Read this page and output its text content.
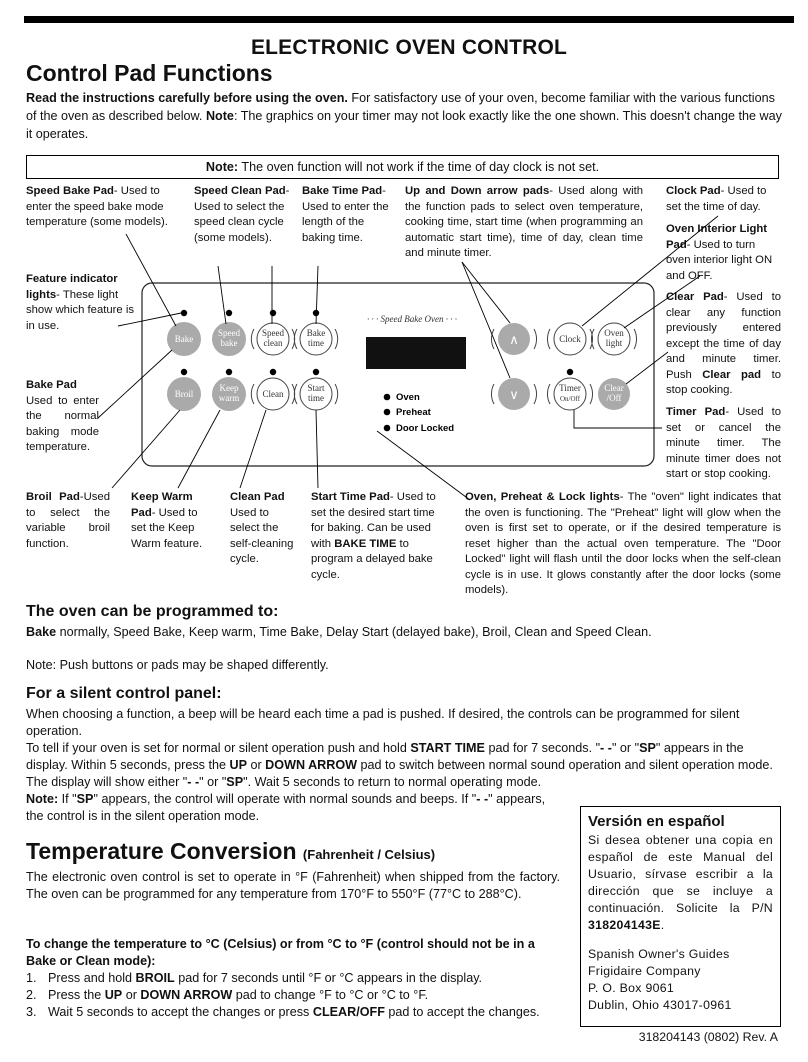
ELECTRONIC OVEN CONTROL
Control Pad Functions
Read the instructions carefully before using the oven. For satisfactory use of your oven, become familiar with the various functions of the oven as described below. Note: The graphics on your timer may not look exactly like the one shown. This doesn't change the way it operates.
Note: The oven function will not work if the time of day clock is not set.
Speed Bake Pad- Used to enter the speed bake mode temperature (some models).
Speed Clean Pad- Used to select the speed clean cycle (some models).
Bake Time Pad- Used to enter the length of the baking time.
Up and Down arrow pads- Used along with the function pads to select oven temperature, cooking time, start time (when programming an automatic start time), time of day, clean time and minute timer.
Clock Pad- Used to set the time of day.
Oven Interior Light Pad- Used to turn oven interior light ON and OFF.
Feature indicator lights- These light show which feature is in use.
Clear Pad- Used to clear any function previously entered except the time of day and minute timer. Push Clear pad to stop cooking.
Bake Pad
Used to enter the normal baking mode temperature.
Timer Pad- Used to set or cancel the minute timer. The minute timer does not start or stop cooking.
Broil Pad-Used to select the variable broil function.
Keep Warm Pad- Used to set the Keep Warm feature.
Clean Pad
Used to select the self-cleaning cycle.
Start Time Pad- Used to set the desired start time for baking. Can be used with BAKE TIME to program a delayed bake cycle.
Oven, Preheat & Lock lights- The "oven" light indicates that the oven is functioning. The "Preheat" light will glow when the oven is first set to operate, or if the desired temperature is reset higher than the actual oven temperature. The "Door Locked" light will flash until the door locks when the self-clean cycle is in use. It glows constantly after the door locks (some models).
· · · Speed Bake Oven · · ·
Bake
Speed
bake
Speed
clean
Bake
time
Broil
Keep
warm	Clean
Start
time
∧
∨
Clock
Oven
light
Timer
On/Off
Clear
/Off
Oven
Preheat
Door Locked
The oven can be programmed to:
Bake normally, Speed Bake, Keep warm, Time Bake, Delay Start (delayed bake), Broil, Clean and Speed Clean.
Note: Push buttons or pads may be shaped differently.
For a silent control panel:
When choosing a function, a beep will be heard each time a pad is pushed. If desired, the controls can be programmed for silent operation.
To tell if your oven is set for normal or silent operation push and hold START TIME pad for 7 seconds. "- -" or "SP" appears in the display. Within 5 seconds, press the UP or DOWN ARROW pad to switch between normal sound operation and silent operation mode. The display will show either "- -" or "SP". Wait 5 seconds to return to normal operating mode.
Note: If "SP" appears, the control will operate with normal sounds and beeps. If "- -" appears, the control is in the silent operation mode.
Temperature Conversion (Fahrenheit / Celsius)
The electronic oven control is set to operate in °F (Fahrenheit) when shipped from the factory. The oven can be programmed for any temperature from 170°F to 550°F (77°C to 288°C).
To change the temperature to °C (Celsius) or from °C to °F (control should not be in a Bake or Clean mode):
1. Press and hold BROIL pad for 7 seconds until °F or °C appears in the display.
2. Press the UP or DOWN ARROW pad to change °F to °C or °C to °F.
3. Wait 5 seconds to accept the changes or press CLEAR/OFF pad to accept the changes.
Versión en español
Si desea obtener una copia en español de este Manual del Usuario, sírvase escribir a la dirección que se incluye a continuación. Solicite la P/N 318204143E.
Spanish Owner's Guides
Frigidaire Company
P. O. Box 9061
Dublin, Ohio 43017-0961
318204143 (0802) Rev. A
